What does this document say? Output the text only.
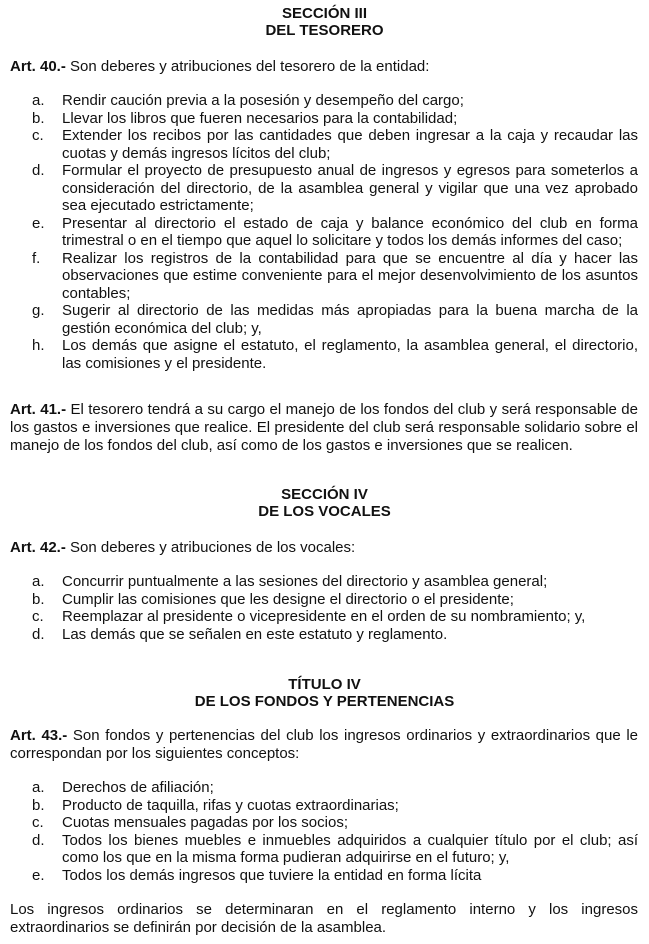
SECCIÓN III
DEL TESORERO
Art. 40.- Son deberes y atribuciones del tesorero de la entidad:
a. Rendir caución previa a la posesión y desempeño del cargo;
b. Llevar los libros que fueren necesarios para la contabilidad;
c. Extender los recibos por las cantidades que deben ingresar a la caja y recaudar las cuotas y demás ingresos lícitos del club;
d. Formular el proyecto de presupuesto anual de ingresos y egresos para someterlos a consideración del directorio, de la asamblea general y vigilar que una vez aprobado sea ejecutado estrictamente;
e. Presentar al directorio el estado de caja y balance económico del club en forma trimestral o en el tiempo que aquel lo solicitare y todos los demás informes del caso;
f. Realizar los registros de la contabilidad para que se encuentre al día y hacer las observaciones que estime conveniente para el mejor desenvolvimiento de los asuntos contables;
g. Sugerir al directorio de las medidas más apropiadas para la buena marcha de la gestión económica del club; y,
h. Los demás que asigne el estatuto, el reglamento, la asamblea general, el directorio, las comisiones y el presidente.
Art. 41.- El tesorero tendrá a su cargo el manejo de los fondos del club y será responsable de los gastos e inversiones que realice. El presidente del club será responsable solidario sobre el manejo de los fondos del club, así como de los gastos e inversiones que se realicen.
SECCIÓN IV
DE LOS VOCALES
Art. 42.- Son deberes y atribuciones de los vocales:
a. Concurrir puntualmente a las sesiones del directorio y asamblea general;
b. Cumplir las comisiones que les designe el directorio o el presidente;
c. Reemplazar al presidente o vicepresidente en el orden de su nombramiento; y,
d. Las demás que se señalen en este estatuto y reglamento.
TÍTULO IV
DE LOS FONDOS Y PERTENENCIAS
Art. 43.- Son fondos y pertenencias del club los ingresos ordinarios y extraordinarios que le correspondan por los siguientes conceptos:
a. Derechos de afiliación;
b. Producto de taquilla, rifas y cuotas extraordinarias;
c. Cuotas mensuales pagadas por los socios;
d. Todos los bienes muebles e inmuebles adquiridos a cualquier título por el club; así como los que en la misma forma pudieran adquirirse en el futuro; y,
e. Todos los demás ingresos que tuviere la entidad en forma lícita
Los ingresos ordinarios se determinaran en el reglamento interno y los ingresos extraordinarios se definirán por decisión de la asamblea.
